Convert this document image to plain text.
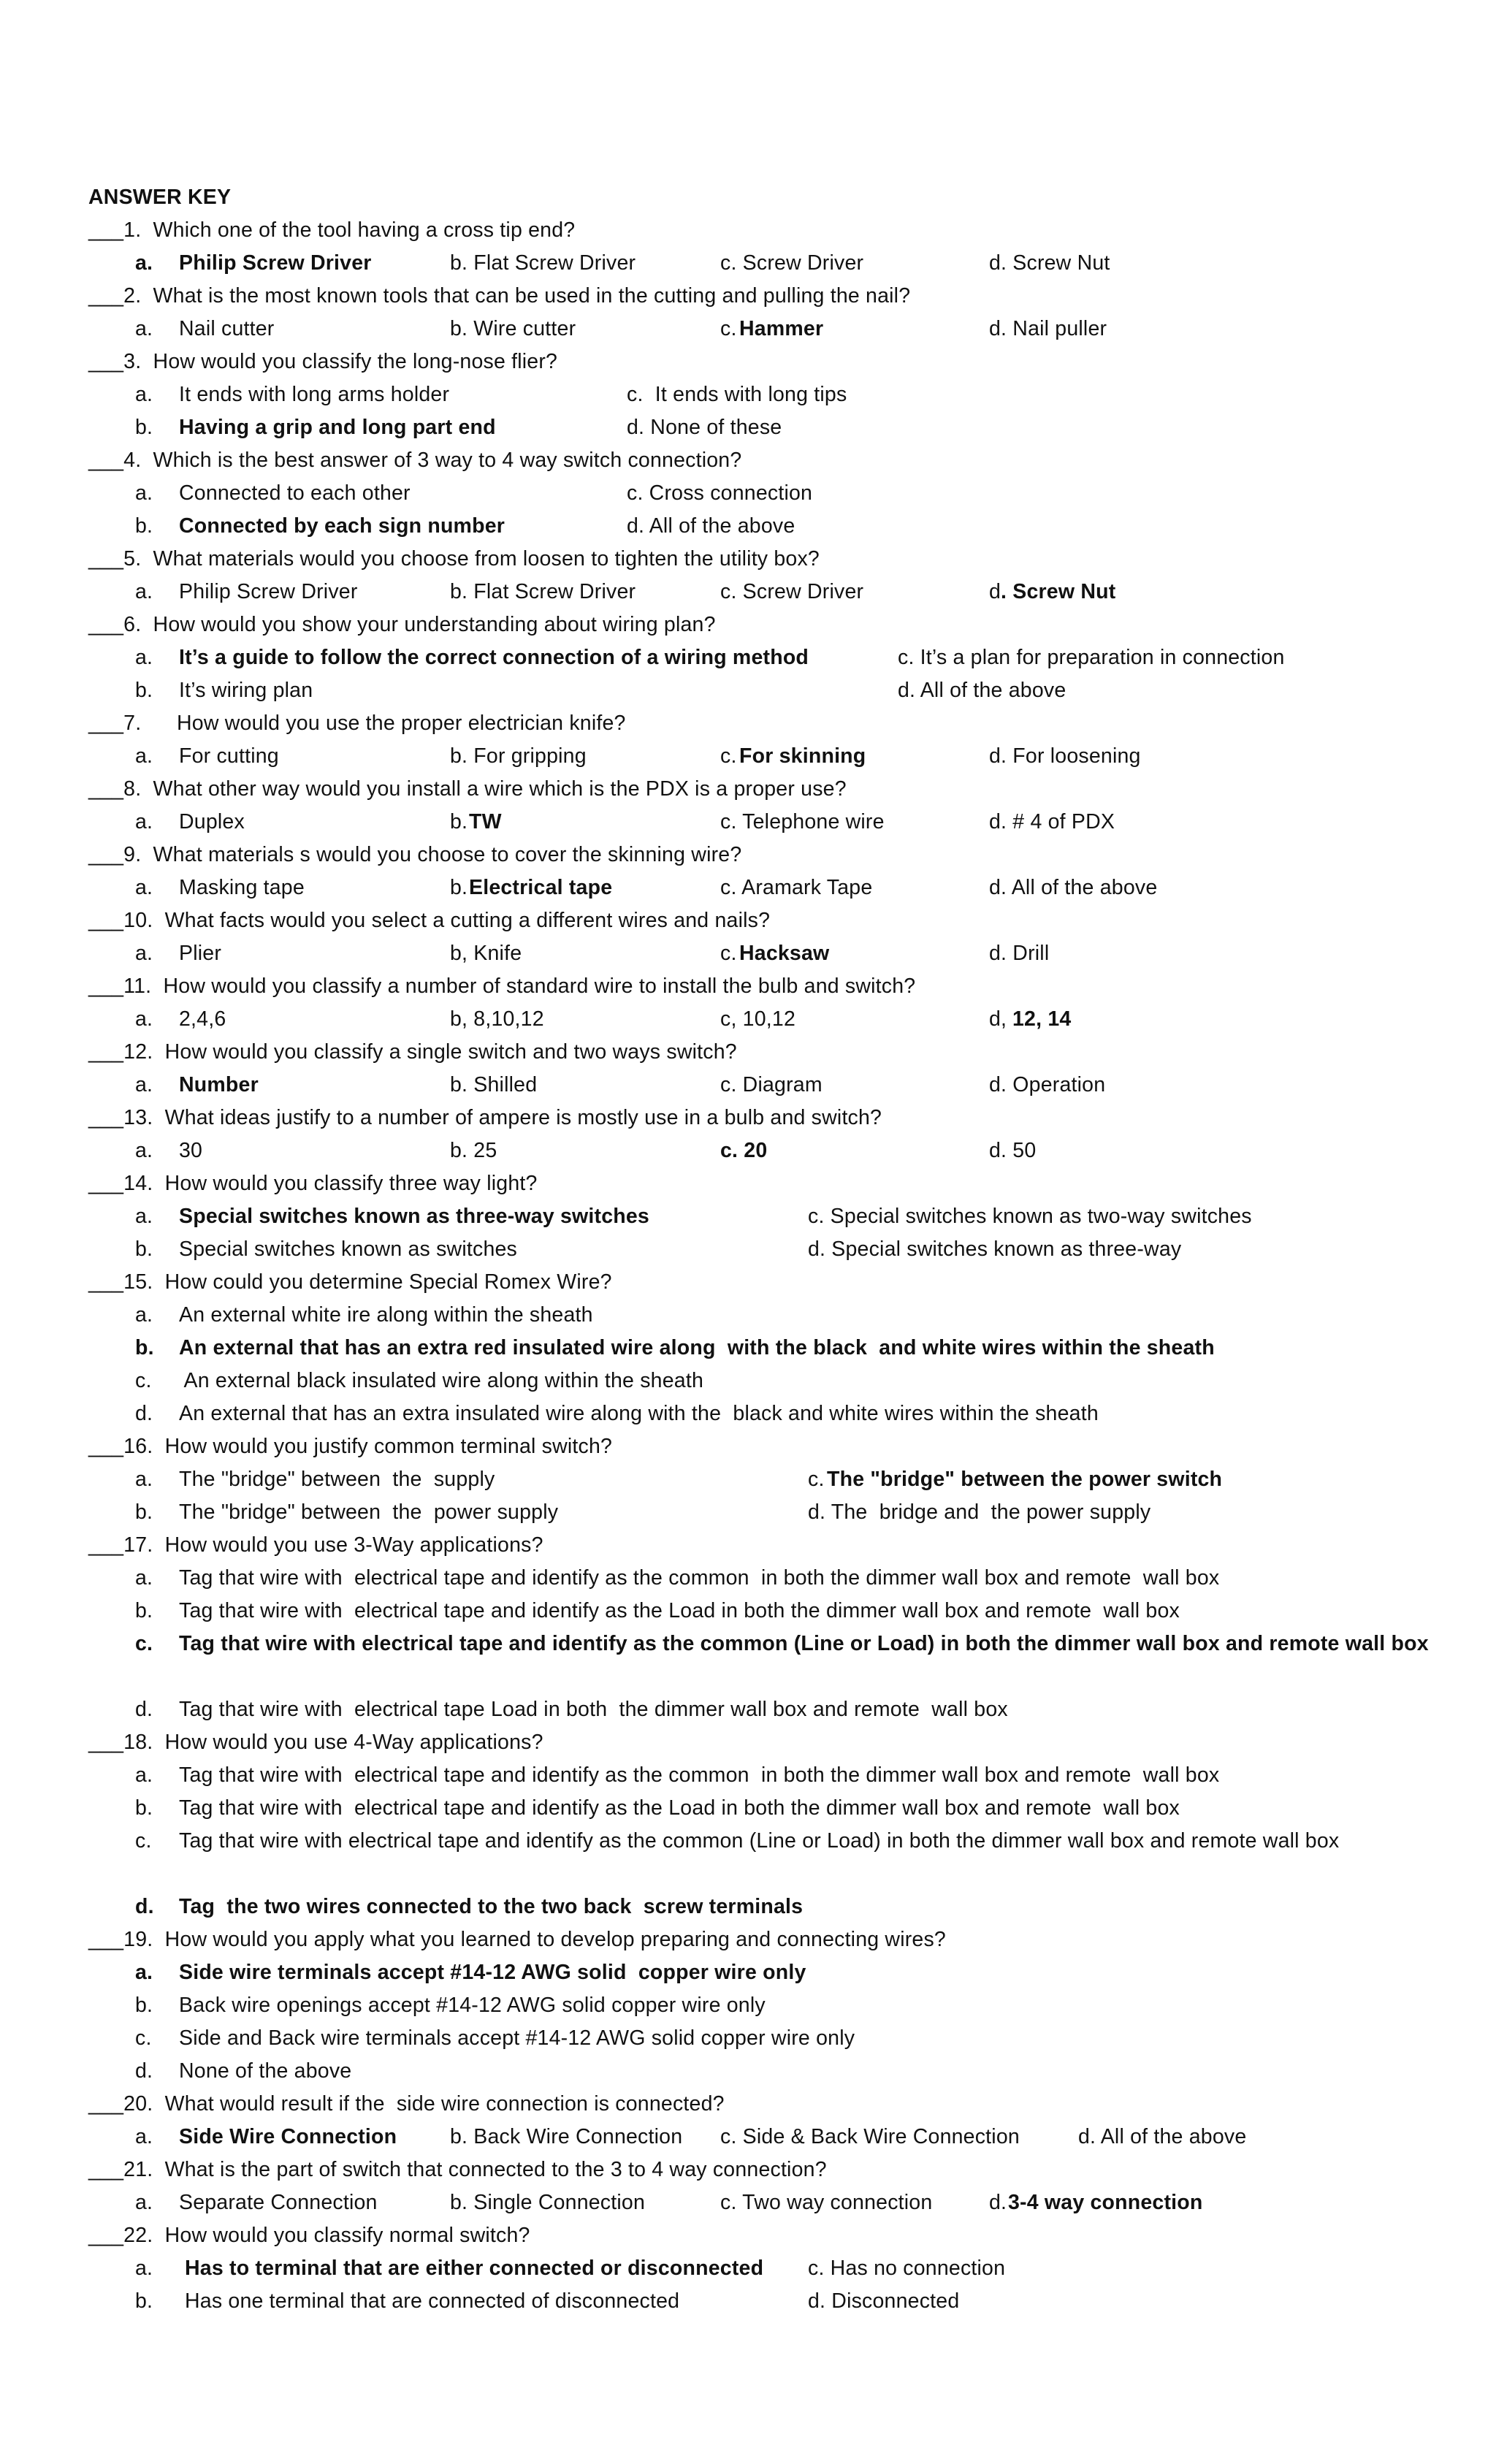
ANSWER KEY
___1.  Which one of the tool having a cross tip end?
a. Philip Screw Driver	b. Flat Screw Driver	c. Screw Driver	d. Screw Nut
___2.  What is the most known tools that can be used in the cutting and pulling the nail?
a. Nail cutter	b. Wire cutter	c.
Hammer	d. Nail puller
___3.  How would you classify the long-nose flier?
a. It ends with long arms holder	c.  It ends with long tips
b. Having a grip and long part end	d. None of these
___4.  Which is the best answer of 3 way to 4 way switch connection?
a. Connected to each other	c. Cross connection
b. Connected by each sign number	d. All of the above
___5.  What materials would you choose from loosen to tighten the utility box?
a. Philip Screw Driver	b. Flat Screw Driver	c. Screw Driver	d . Screw Nut
___6.  How would you show your understanding about wiring plan?
a. It’s a guide to follow the correct connection of a wiring method	c. It’s a plan for preparation in connection
b. It’s wiring plan	d. All of the above
___7.      How would you use the proper electrician knife?
a. For cutting	b. For gripping	c.
For skinning	d. For loosening
___8.  What other way would you install a wire which is the PDX is a proper use?
a. Duplex	b.
TW	c. Telephone wire	d. # 4 of PDX
___9.  What materials s would you choose to cover the skinning wire?
a. Masking tape	b.
Electrical tape	c. Aramark Tape	d. All of the above
___10.  What facts would you select a cutting a different wires and nails?
a. Plier	b, Knife	c.
Hacksaw	d. Drill
___11.  How would you classify a number of standard wire to install the bulb and switch?
a. 2,4,6	b, 8,10,12	c, 10,12	d, 12, 14
___12.  How would you classify a single switch and two ways switch?
a. Number	b. Shilled	c. Diagram	d. Operation
___13.  What ideas justify to a number of ampere is mostly use in a bulb and switch?
a. 30	b. 25	c. 20	d. 50
___14.  How would you classify three way light?
a. Special switches known as three-way switches	c. Special switches known as two-way switches
b. Special switches known as switches	d. Special switches known as three-way
___15.  How could you determine Special Romex Wire?
a. An external white ire along within the sheath
b. An external that has an extra red insulated wire along  with the black  and white wires within the sheath
c. An external black insulated wire along within the sheath
d. An external that has an extra insulated wire along with the  black and white wires within the sheath
___16.  How would you justify common terminal switch?
a. The "bridge" between  the  supply	c.
The "bridge" between the power switch
b. The "bridge" between  the  power supply	d. The  bridge and  the power supply
___17.  How would you use 3-Way applications?
a. Tag that wire with  electrical tape and identify as the common  in both the dimmer wall box and remote  wall box
b. Tag that wire with  electrical tape and identify as the Load in both the dimmer wall box and remote  wall box
c. Tag that wire with electrical tape and identify as the common (Line or Load) in both the dimmer wall box and remote wall box
d. Tag that wire with  electrical tape Load in both  the dimmer wall box and remote  wall box
___18.  How would you use 4-Way applications?
a. Tag that wire with  electrical tape and identify as the common  in both the dimmer wall box and remote  wall box
b. Tag that wire with  electrical tape and identify as the Load in both the dimmer wall box and remote  wall box
c. Tag that wire with electrical tape and identify as the common (Line or Load) in both the dimmer wall box and remote wall box
d. Tag  the two wires connected to the two back  screw terminals
___19.  How would you apply what you learned to develop preparing and connecting wires?
a. Side wire terminals accept #14-12 AWG solid  copper wire only
b. Back wire openings accept #14-12 AWG solid copper wire only
c. Side and Back wire terminals accept #14-12 AWG solid copper wire only
d. None of the above
___20.  What would result if the  side wire connection is connected?
a. Side Wire Connection	b. Back Wire Connection c. Side & Back Wire Connection	d. All of the above
___21.  What is the part of switch that connected to the 3 to 4 way connection?
a. Separate Connection	b. Single Connection	c. Two way connection	d.
3-4 way connection
___22.  How would you classify normal switch?
a. Has to terminal that are either connected or disconnected c. Has no connection
b. Has one terminal that are connected of disconnected	d. Disconnected
